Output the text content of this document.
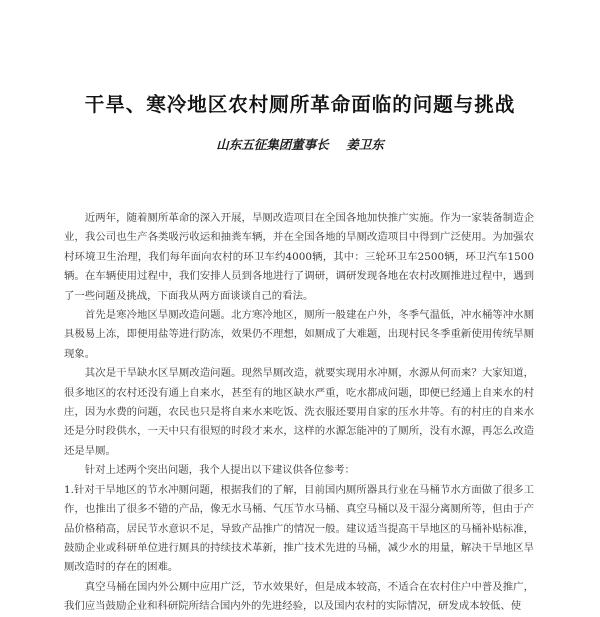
干旱、寒冷地区农村厕所革命面临的问题与挑战
山东五征集团董事长    姜卫东

近两年，随着厕所革命的深入开展，旱厕改造项目在全国各地加快推广实施。作为一家装备制造企业，我公司也生产各类吸污收运和抽粪车辆，并在全国各地的旱厕改造项目中得到广泛使用。为加强农村环境卫生治理，我们每年面向农村的环卫车约4000辆，其中：三轮环卫车2500辆，环卫汽车1500辆。在车辆使用过程中，我们安排人员到各地进行了调研，调研发现各地在农村改厕推进过程中，遇到了一些问题及挑战，下面我从两方面谈谈自己的看法。

首先是寒冷地区旱厕改造问题。北方寒冷地区，厕所一般建在户外，冬季气温低，冲水桶等冲水厕具极易上冻，即便用盐等进行防冻，效果仍不理想，如厕成了大难题，出现村民冬季重新使用传统旱厕现象。

其次是干旱缺水区旱厕改造问题。现然旱厕改造，就要实现用水冲厕，水源从何而来？大家知道，很多地区的农村还没有通上自来水，甚至有的地区缺水严重，吃水都成问题，即便已经通上自来水的村庄，因为水费的问题，农民也只是将自来水来吃饭、洗衣服还要用自家的压水井等。有的村庄的自来水还是分时段供水，一天中只有很短的时段才来水，这样的水源怎能冲的了厕所，没有水源，再怎么改造还是旱厕。

针对上述两个突出问题，我个人提出以下建议供各位参考：

1.针对干旱地区的节水冲厕问题，根据我们的了解，目前国内厕所器具行业在马桶节水方面做了很多工作，也推出了很多不错的产品，像无水马桶、气压节水马桶、真空马桶以及干湿分离厕所等，但由于产品价格稍高，居民节水意识不足，导致产品推广的情况一般。建议适当提高干旱地区的马桶补贴标准，鼓励企业或科研单位进行厕具的持续技术革新，推广技术先进的马桶，减少水的用量，解决干旱地区旱厕改造时的存在的困难。

真空马桶在国内外公厕中应用广泛，节水效果好，但是成本较高，不适合在农村住户中普及推广，我们应当鼓励企业和科研院所结合国内外的先进经验，以及国内农村的实际情况，研发成本较低、使
